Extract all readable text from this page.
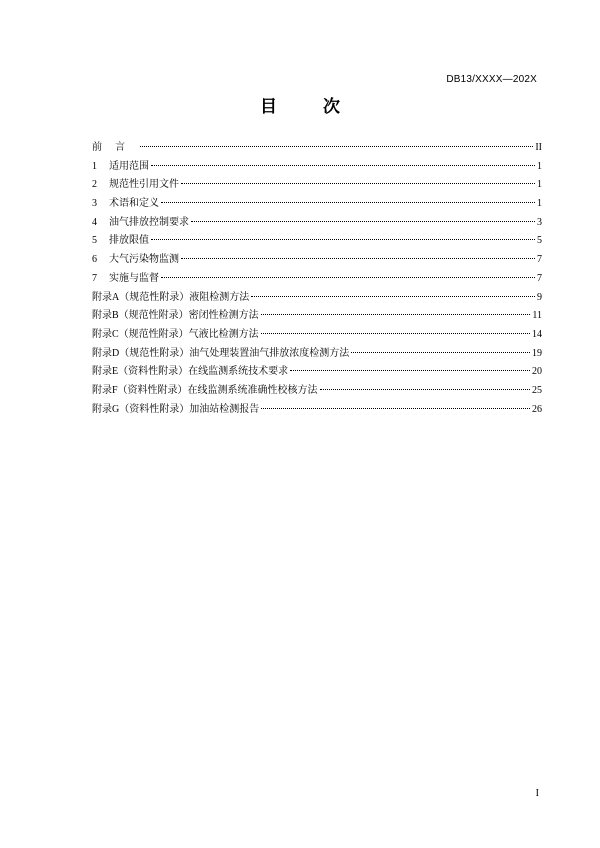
DB13/XXXX—202X
目 次
前言	II
1	适用范围	1
2	规范性引用文件	1
3	术语和定义	1
4	油气排放控制要求	3
5	排放限值	5
6	大气污染物监测	7
7	实施与监督	7
附录A（规范性附录）液阻检测方法	9
附录B（规范性附录）密闭性检测方法	11
附录C（规范性附录）气液比检测方法	14
附录D（规范性附录）油气处理装置油气排放浓度检测方法	19
附录E（资料性附录）在线监测系统技术要求	20
附录F（资料性附录）在线监测系统准确性校核方法	25
附录G（资料性附录）加油站检测报告	26
I
